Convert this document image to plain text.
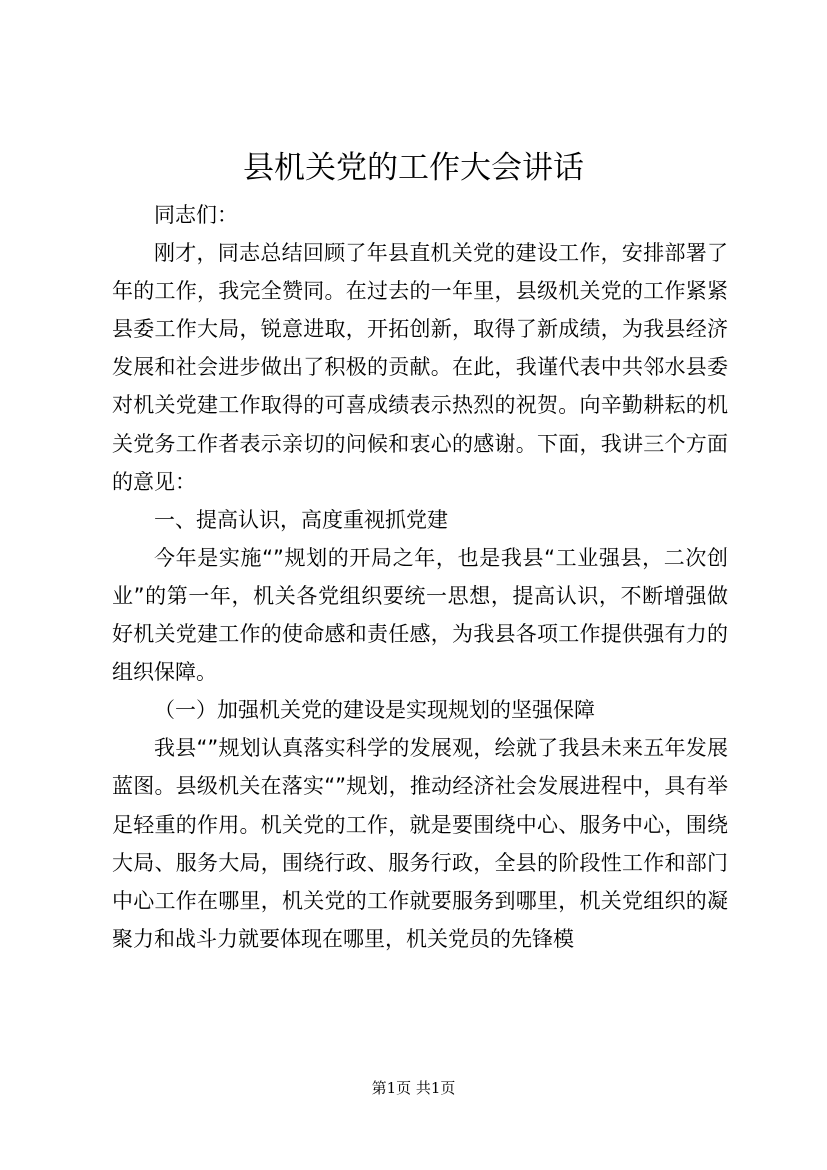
县机关党的工作大会讲话

同志们：

刚才，同志总结回顾了年县直机关党的建设工作，安排部署了年的工作，我完全赞同。在过去的一年里，县级机关党的工作紧紧县委工作大局，锐意进取，开拓创新，取得了新成绩，为我县经济发展和社会进步做出了积极的贡献。在此，我谨代表中共邻水县委对机关党建工作取得的可喜成绩表示热烈的祝贺。向辛勤耕耘的机关党务工作者表示亲切的问候和衷心的感谢。下面，我讲三个方面的意见：

一、提高认识，高度重视抓党建

今年是实施“”规划的开局之年，也是我县“工业强县，二次创业”的第一年，机关各党组织要统一思想，提高认识，不断增强做好机关党建工作的使命感和责任感，为我县各项工作提供强有力的组织保障。

（一）加强机关党的建设是实现规划的坚强保障

我县“”规划认真落实科学的发展观，绘就了我县未来五年发展蓝图。县级机关在落实“”规划，推动经济社会发展进程中，具有举足轻重的作用。机关党的工作，就是要围绕中心、服务中心，围绕大局、服务大局，围绕行政、服务行政，全县的阶段性工作和部门中心工作在哪里，机关党的工作就要服务到哪里，机关党组织的凝聚力和战斗力就要体现在哪里，机关党员的先锋模

第1页 共1页
